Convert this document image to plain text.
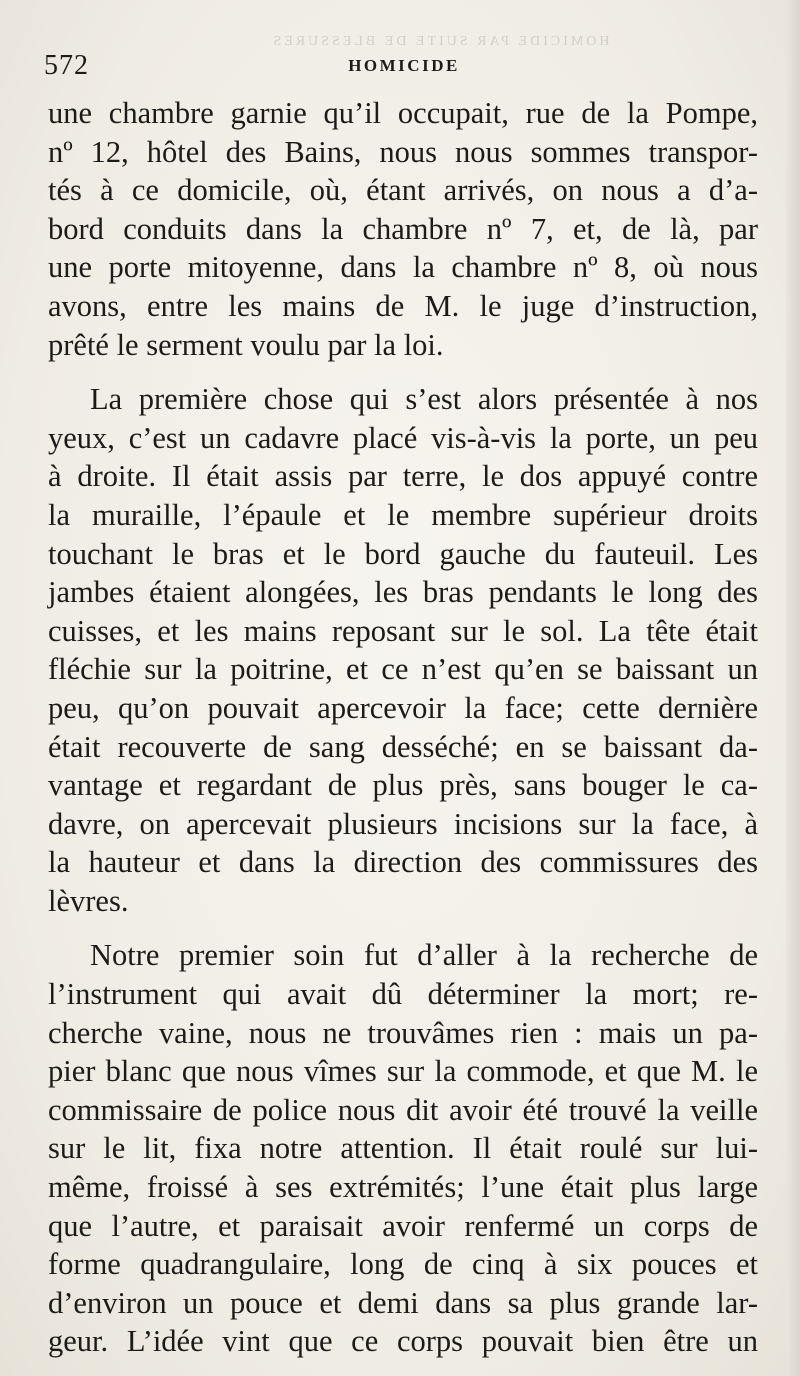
HOMICIDE PAR SUITE DE BLESSURES
572	HOMICIDE
une chambre garnie qu’il occupait, rue de la Pompe,
nº 12, hôtel des Bains, nous nous sommes transpor-
tés à ce domicile, où, étant arrivés, on nous a d’a-
bord conduits dans la chambre nº 7, et, de là, par
une porte mitoyenne, dans la chambre nº 8, où nous
avons, entre les mains de M. le juge d’instruction,
prêté le serment voulu par la loi.
La première chose qui s’est alors présentée à nos
yeux, c’est un cadavre placé vis-à-vis la porte, un peu
à droite. Il était assis par terre, le dos appuyé contre
la muraille, l’épaule et le membre supérieur droits
touchant le bras et le bord gauche du fauteuil. Les
jambes étaient alongées, les bras pendants le long des
cuisses, et les mains reposant sur le sol. La tête était
fléchie sur la poitrine, et ce n’est qu’en se baissant un
peu, qu’on pouvait apercevoir la face; cette dernière
était recouverte de sang desséché; en se baissant da-
vantage et regardant de plus près, sans bouger le ca-
davre, on apercevait plusieurs incisions sur la face, à
la hauteur et dans la direction des commissures des
lèvres.
Notre premier soin fut d’aller à la recherche de
l’instrument qui avait dû déterminer la mort; re-
cherche vaine, nous ne trouvâmes rien : mais un pa-
pier blanc que nous vîmes sur la commode, et que M. le
commissaire de police nous dit avoir été trouvé la veille
sur le lit, fixa notre attention. Il était roulé sur lui-
même, froissé à ses extrémités; l’une était plus large
que l’autre, et paraisait avoir renfermé un corps de
forme quadrangulaire, long de cinq à six pouces et
d’environ un pouce et demi dans sa plus grande lar-
geur. L’idée vint que ce corps pouvait bien être un
